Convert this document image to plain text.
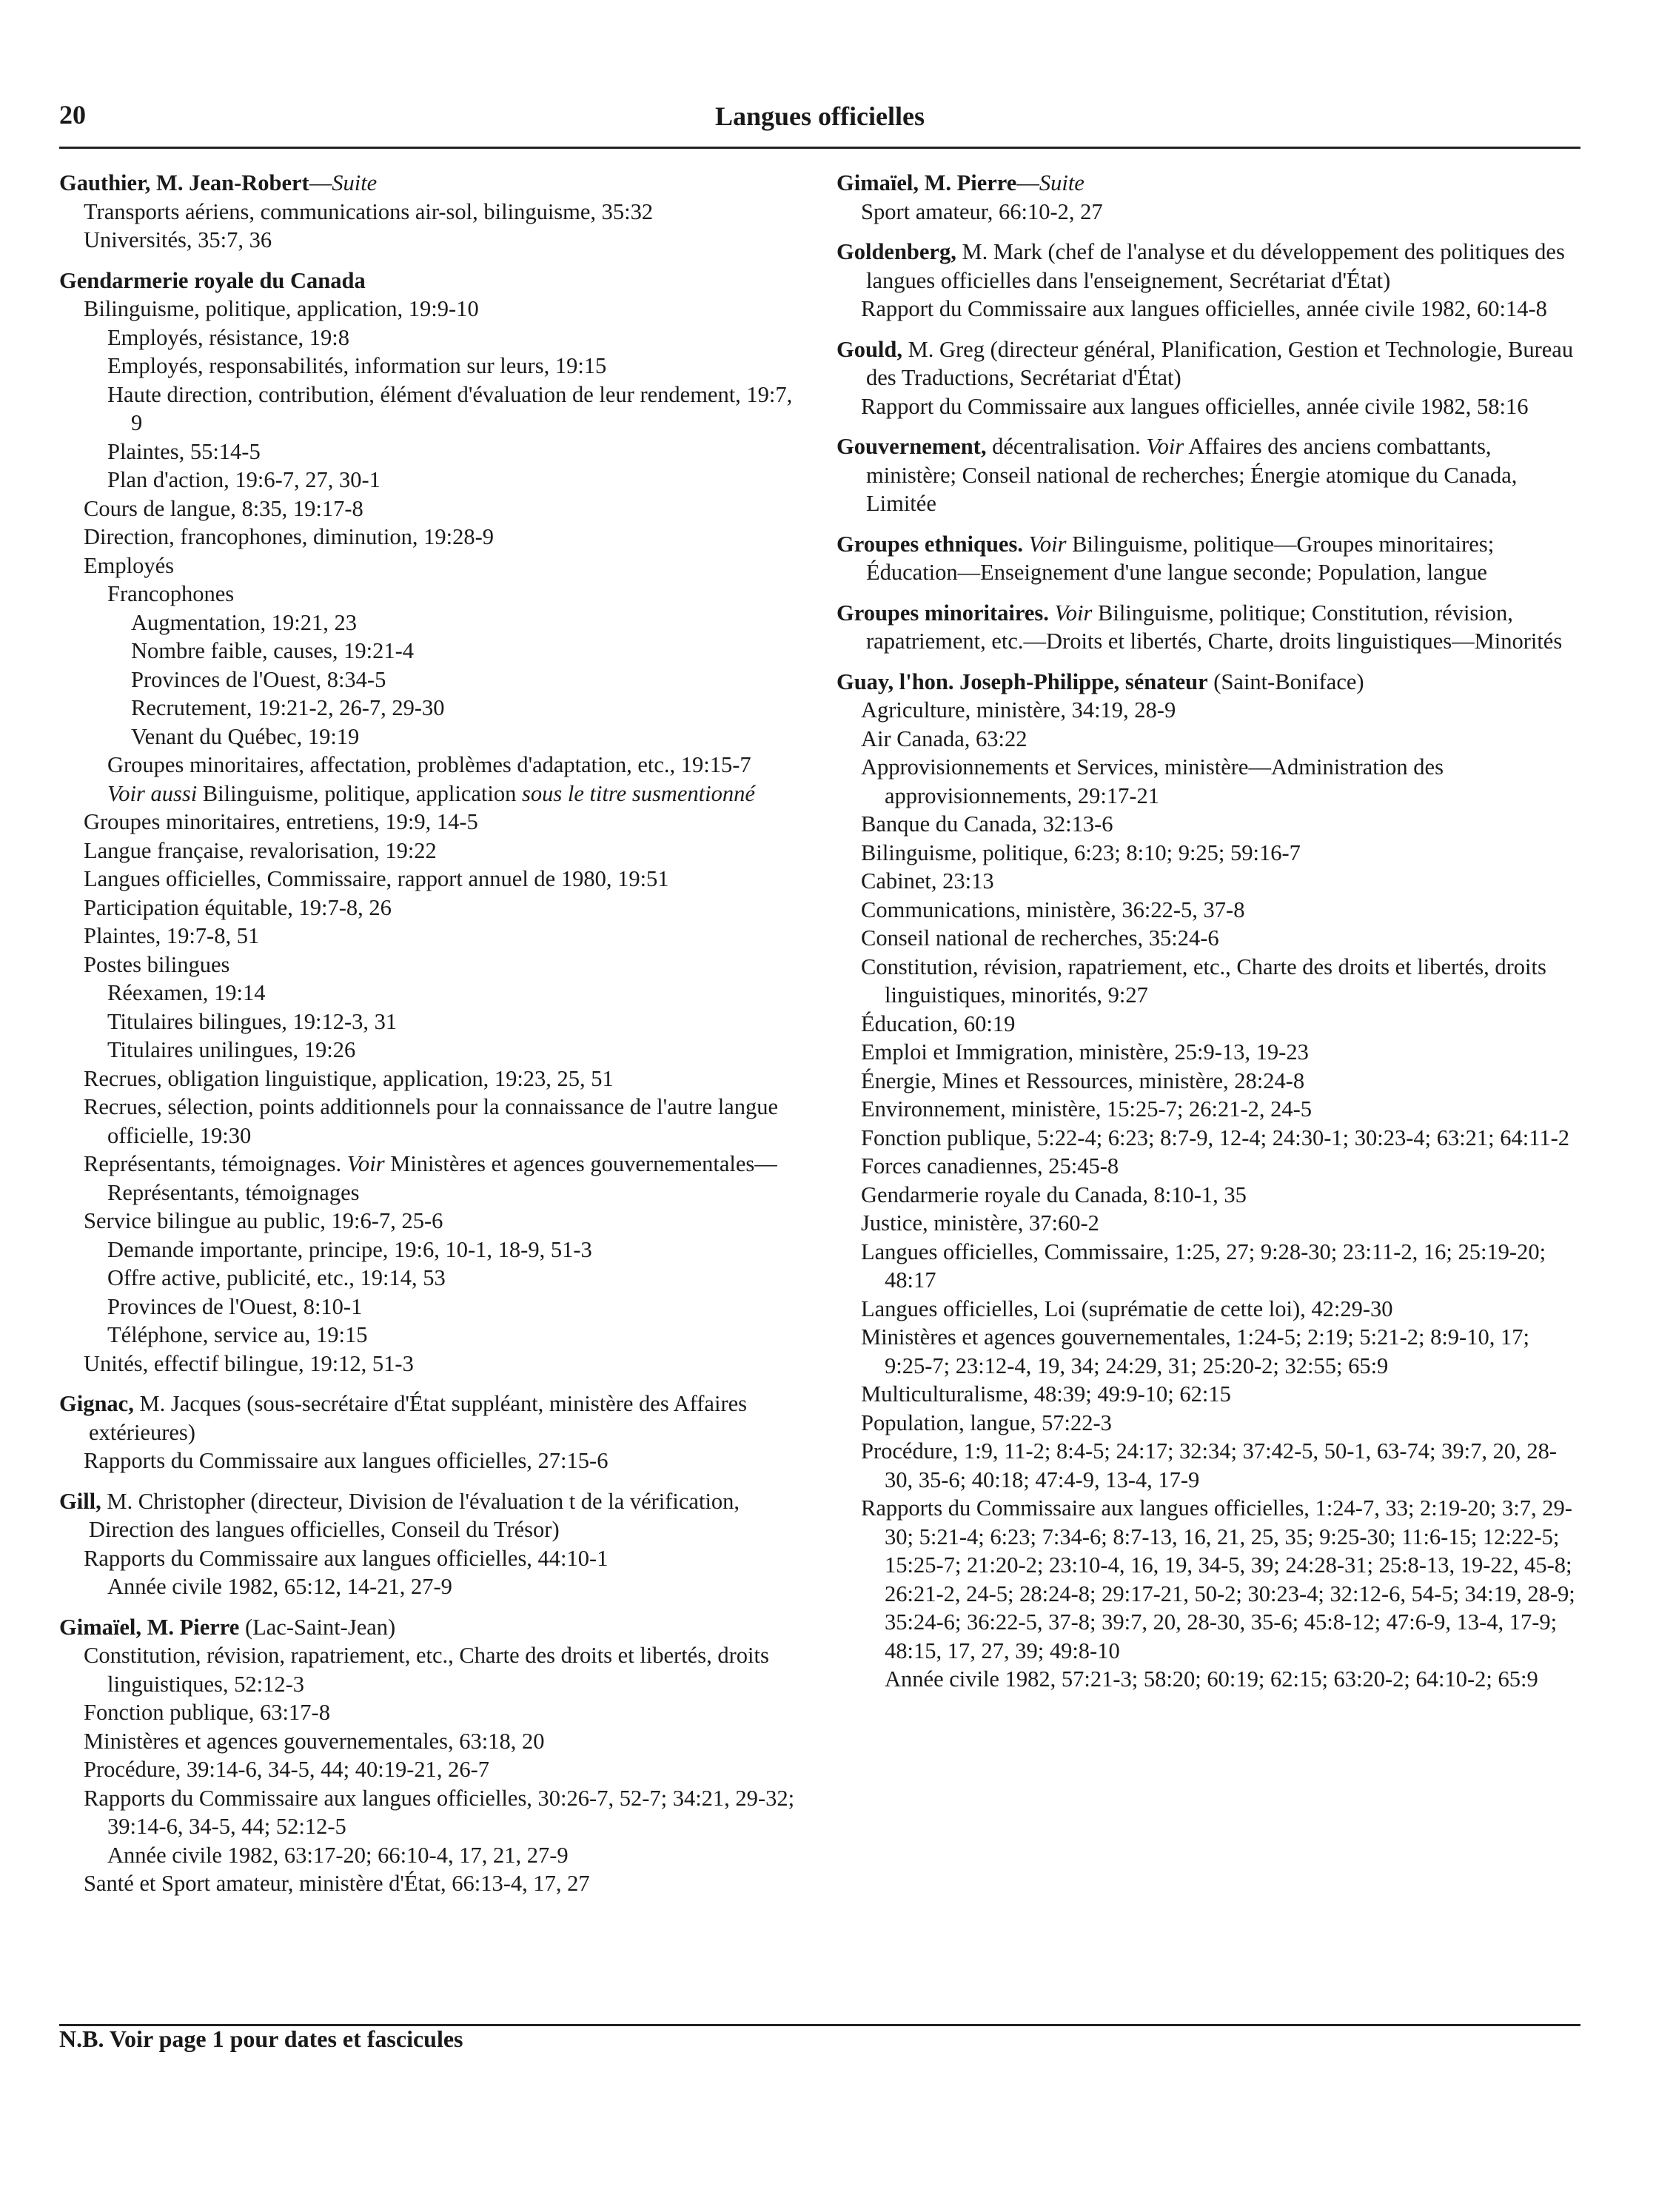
20	Langues officielles
Gauthier, M. Jean-Robert—Suite
Transports aériens, communications air-sol, bilinguisme, 35:32
Universités, 35:7, 36
Gendarmerie royale du Canada
Bilinguisme, politique, application, 19:9-10
Employés, résistance, 19:8
Employés, responsabilités, information sur leurs, 19:15
Haute direction, contribution, élément d'évaluation de leur rendement, 19:7, 9
Plaintes, 55:14-5
Plan d'action, 19:6-7, 27, 30-1
Cours de langue, 8:35, 19:17-8
Direction, francophones, diminution, 19:28-9
Employés
Francophones
Augmentation, 19:21, 23
Nombre faible, causes, 19:21-4
Provinces de l'Ouest, 8:34-5
Recrutement, 19:21-2, 26-7, 29-30
Venant du Québec, 19:19
Groupes minoritaires, affectation, problèmes d'adaptation, etc., 19:15-7
Voir aussi Bilinguisme, politique, application sous le titre susmentionné
Groupes minoritaires, entretiens, 19:9, 14-5
Langue française, revalorisation, 19:22
Langues officielles, Commissaire, rapport annuel de 1980, 19:51
Participation équitable, 19:7-8, 26
Plaintes, 19:7-8, 51
Postes bilingues
Réexamen, 19:14
Titulaires bilingues, 19:12-3, 31
Titulaires unilingues, 19:26
Recrues, obligation linguistique, application, 19:23, 25, 51
Recrues, sélection, points additionnels pour la connaissance de l'autre langue officielle, 19:30
Représentants, témoignages. Voir Ministères et agences gouvernementales—Représentants, témoignages
Service bilingue au public, 19:6-7, 25-6
Demande importante, principe, 19:6, 10-1, 18-9, 51-3
Offre active, publicité, etc., 19:14, 53
Provinces de l'Ouest, 8:10-1
Téléphone, service au, 19:15
Unités, effectif bilingue, 19:12, 51-3
Gignac, M. Jacques (sous-secrétaire d'État suppléant, ministère des Affaires extérieures)
Rapports du Commissaire aux langues officielles, 27:15-6
Gill, M. Christopher (directeur, Division de l'évaluation t de la vérification, Direction des langues officielles, Conseil du Trésor)
Rapports du Commissaire aux langues officielles, 44:10-1
Année civile 1982, 65:12, 14-21, 27-9
Gimaïel, M. Pierre (Lac-Saint-Jean)
Constitution, révision, rapatriement, etc., Charte des droits et libertés, droits linguistiques, 52:12-3
Fonction publique, 63:17-8
Ministères et agences gouvernementales, 63:18, 20
Procédure, 39:14-6, 34-5, 44; 40:19-21, 26-7
Rapports du Commissaire aux langues officielles, 30:26-7, 52-7; 34:21, 29-32; 39:14-6, 34-5, 44; 52:12-5
Année civile 1982, 63:17-20; 66:10-4, 17, 21, 27-9
Santé et Sport amateur, ministère d'État, 66:13-4, 17, 27
Gimaïel, M. Pierre—Suite
Sport amateur, 66:10-2, 27
Goldenberg, M. Mark (chef de l'analyse et du développement des politiques des langues officielles dans l'enseignement, Secrétariat d'État)
Rapport du Commissaire aux langues officielles, année civile 1982, 60:14-8
Gould, M. Greg (directeur général, Planification, Gestion et Technologie, Bureau des Traductions, Secrétariat d'État)
Rapport du Commissaire aux langues officielles, année civile 1982, 58:16
Gouvernement, décentralisation. Voir Affaires des anciens combattants, ministère; Conseil national de recherches; Énergie atomique du Canada, Limitée
Groupes ethniques. Voir Bilinguisme, politique—Groupes minoritaires; Éducation—Enseignement d'une langue seconde; Population, langue
Groupes minoritaires. Voir Bilinguisme, politique; Constitution, révision, rapatriement, etc.—Droits et libertés, Charte, droits linguistiques—Minorités
Guay, l'hon. Joseph-Philippe, sénateur (Saint-Boniface)
Agriculture, ministère, 34:19, 28-9
Air Canada, 63:22
Approvisionnements et Services, ministère—Administration des approvisionnements, 29:17-21
Banque du Canada, 32:13-6
Bilinguisme, politique, 6:23; 8:10; 9:25; 59:16-7
Cabinet, 23:13
Communications, ministère, 36:22-5, 37-8
Conseil national de recherches, 35:24-6
Constitution, révision, rapatriement, etc., Charte des droits et libertés, droits linguistiques, minorités, 9:27
Éducation, 60:19
Emploi et Immigration, ministère, 25:9-13, 19-23
Énergie, Mines et Ressources, ministère, 28:24-8
Environnement, ministère, 15:25-7; 26:21-2, 24-5
Fonction publique, 5:22-4; 6:23; 8:7-9, 12-4; 24:30-1; 30:23-4; 63:21; 64:11-2
Forces canadiennes, 25:45-8
Gendarmerie royale du Canada, 8:10-1, 35
Justice, ministère, 37:60-2
Langues officielles, Commissaire, 1:25, 27; 9:28-30; 23:11-2, 16; 25:19-20; 48:17
Langues officielles, Loi (suprématie de cette loi), 42:29-30
Ministères et agences gouvernementales, 1:24-5; 2:19; 5:21-2; 8:9-10, 17; 9:25-7; 23:12-4, 19, 34; 24:29, 31; 25:20-2; 32:55; 65:9
Multiculturalisme, 48:39; 49:9-10; 62:15
Population, langue, 57:22-3
Procédure, 1:9, 11-2; 8:4-5; 24:17; 32:34; 37:42-5, 50-1, 63-74; 39:7, 20, 28-30, 35-6; 40:18; 47:4-9, 13-4, 17-9
Rapports du Commissaire aux langues officielles, 1:24-7, 33; 2:19-20; 3:7, 29-30; 5:21-4; 6:23; 7:34-6; 8:7-13, 16, 21, 25, 35; 9:25-30; 11:6-15; 12:22-5; 15:25-7; 21:20-2; 23:10-4, 16, 19, 34-5, 39; 24:28-31; 25:8-13, 19-22, 45-8; 26:21-2, 24-5; 28:24-8; 29:17-21, 50-2; 30:23-4; 32:12-6, 54-5; 34:19, 28-9; 35:24-6; 36:22-5, 37-8; 39:7, 20, 28-30, 35-6; 45:8-12; 47:6-9, 13-4, 17-9; 48:15, 17, 27, 39; 49:8-10
Année civile 1982, 57:21-3; 58:20; 60:19; 62:15; 63:20-2; 64:10-2; 65:9
N.B. Voir page 1 pour dates et fascicules
